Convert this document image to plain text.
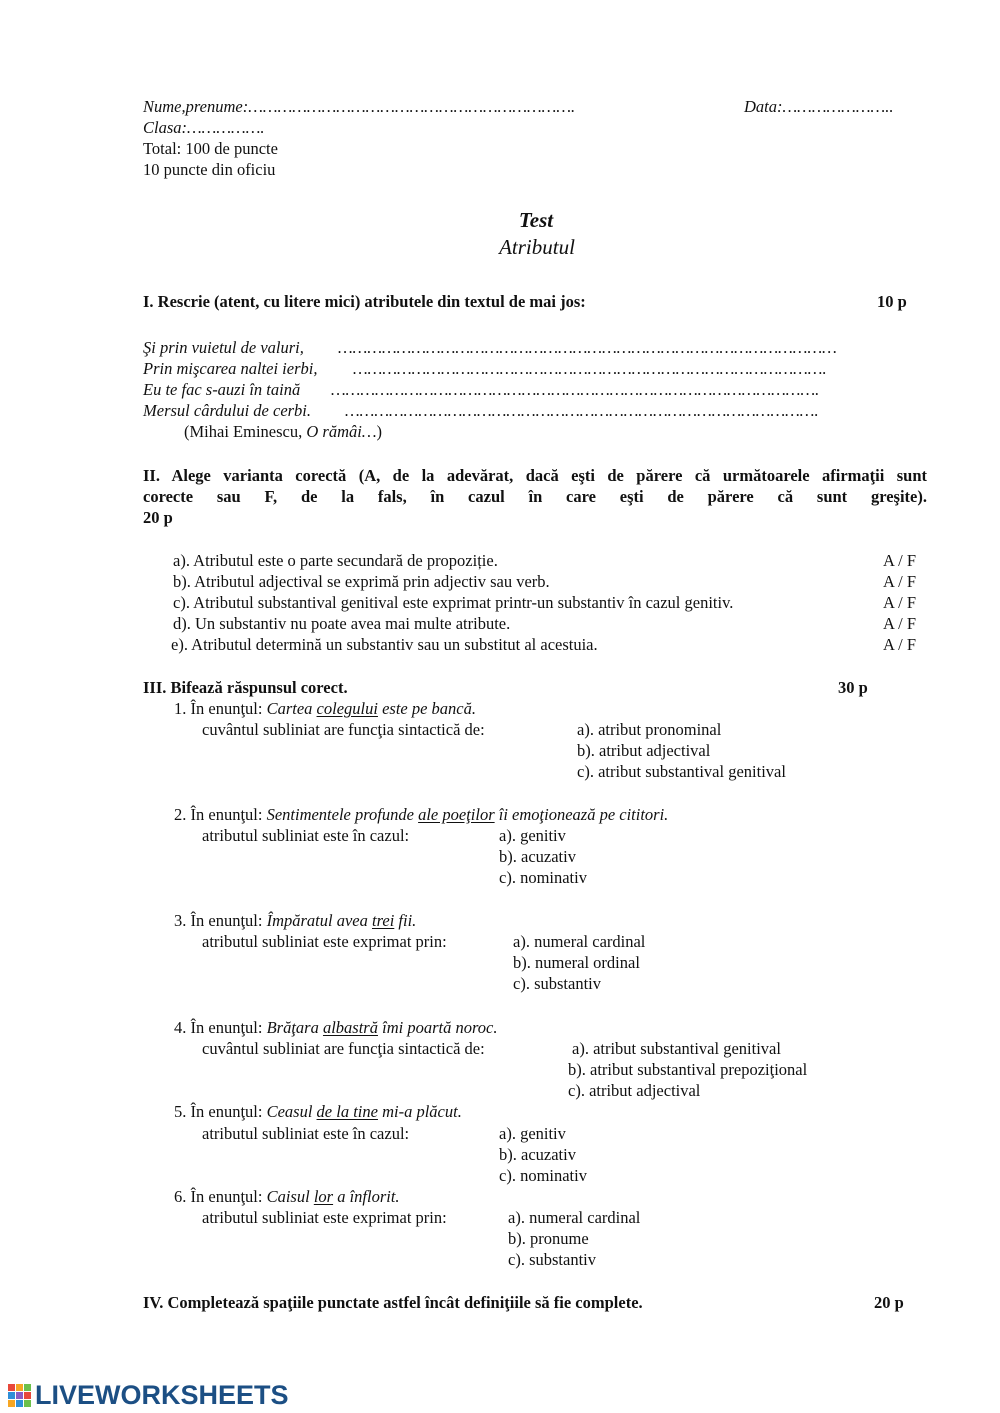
Nume,prenume:………………………………………………………….	Data:…………………..
Clasa:…………….
Total: 100 de puncte
10 puncte din oficiu
Test
Atributul
I. Rescrie (atent, cu litere mici) atributele din textul de mai jos:	10 p
Şi prin vuietul de valuri, …………………………………………………………………………………………
Prin mişcarea naltei ierbi, …………………………………………………………………………………….
Eu te fac s-auzi în taină ……………………………………………………………………………………….
Mersul cârdului de cerbi. …………………………………………………………………………………….
(Mihai Eminescu, O rămâi…)
II. Alege varianta corectă (A, de la adevărat, dacă eşti de părere că următoarele afirmaţii sunt
corecte sau F, de la fals, în cazul în care eşti de părere că sunt greşite).
20 p
a). Atributul este o parte secundară de propoziție.	A / F
b). Atributul adjectival se exprimă prin adjectiv sau verb.	A / F
c). Atributul substantival genitival este exprimat printr-un substantiv în cazul genitiv.	A / F
d). Un substantiv nu poate avea mai multe atribute.	A / F
e). Atributul determină un substantiv sau un substitut al acestuia.	A / F
III. Bifează răspunsul corect.	30 p
1. În enunţul: Cartea colegului este pe bancă.
cuvântul subliniat are funcţia sintactică de:	a). atribut pronominal
b). atribut adjectival
c). atribut substantival genitival
2. În enunţul: Sentimentele profunde ale poeţilor îi emoţionează pe cititori.
atributul subliniat este în cazul:	a). genitiv
b). acuzativ
c). nominativ
3. În enunţul: Împăratul avea trei fii.
atributul subliniat este exprimat prin:	a). numeral cardinal
b). numeral ordinal
c). substantiv
4. În enunţul: Brăţara albastră îmi poartă noroc.
cuvântul subliniat are funcţia sintactică de:	a). atribut substantival genitival
b). atribut substantival prepoziţional
c). atribut adjectival
5. În enunţul: Ceasul de la tine mi-a plăcut.
atributul subliniat este în cazul:	a). genitiv
b). acuzativ
c). nominativ
6. În enunţul: Caisul lor a înflorit.
atributul subliniat este exprimat prin:	a). numeral cardinal
b). pronume
c). substantiv
IV. Completează spaţiile punctate astfel încât definiţiile să fie complete.	20 p
LIVEWORKSHEETS
